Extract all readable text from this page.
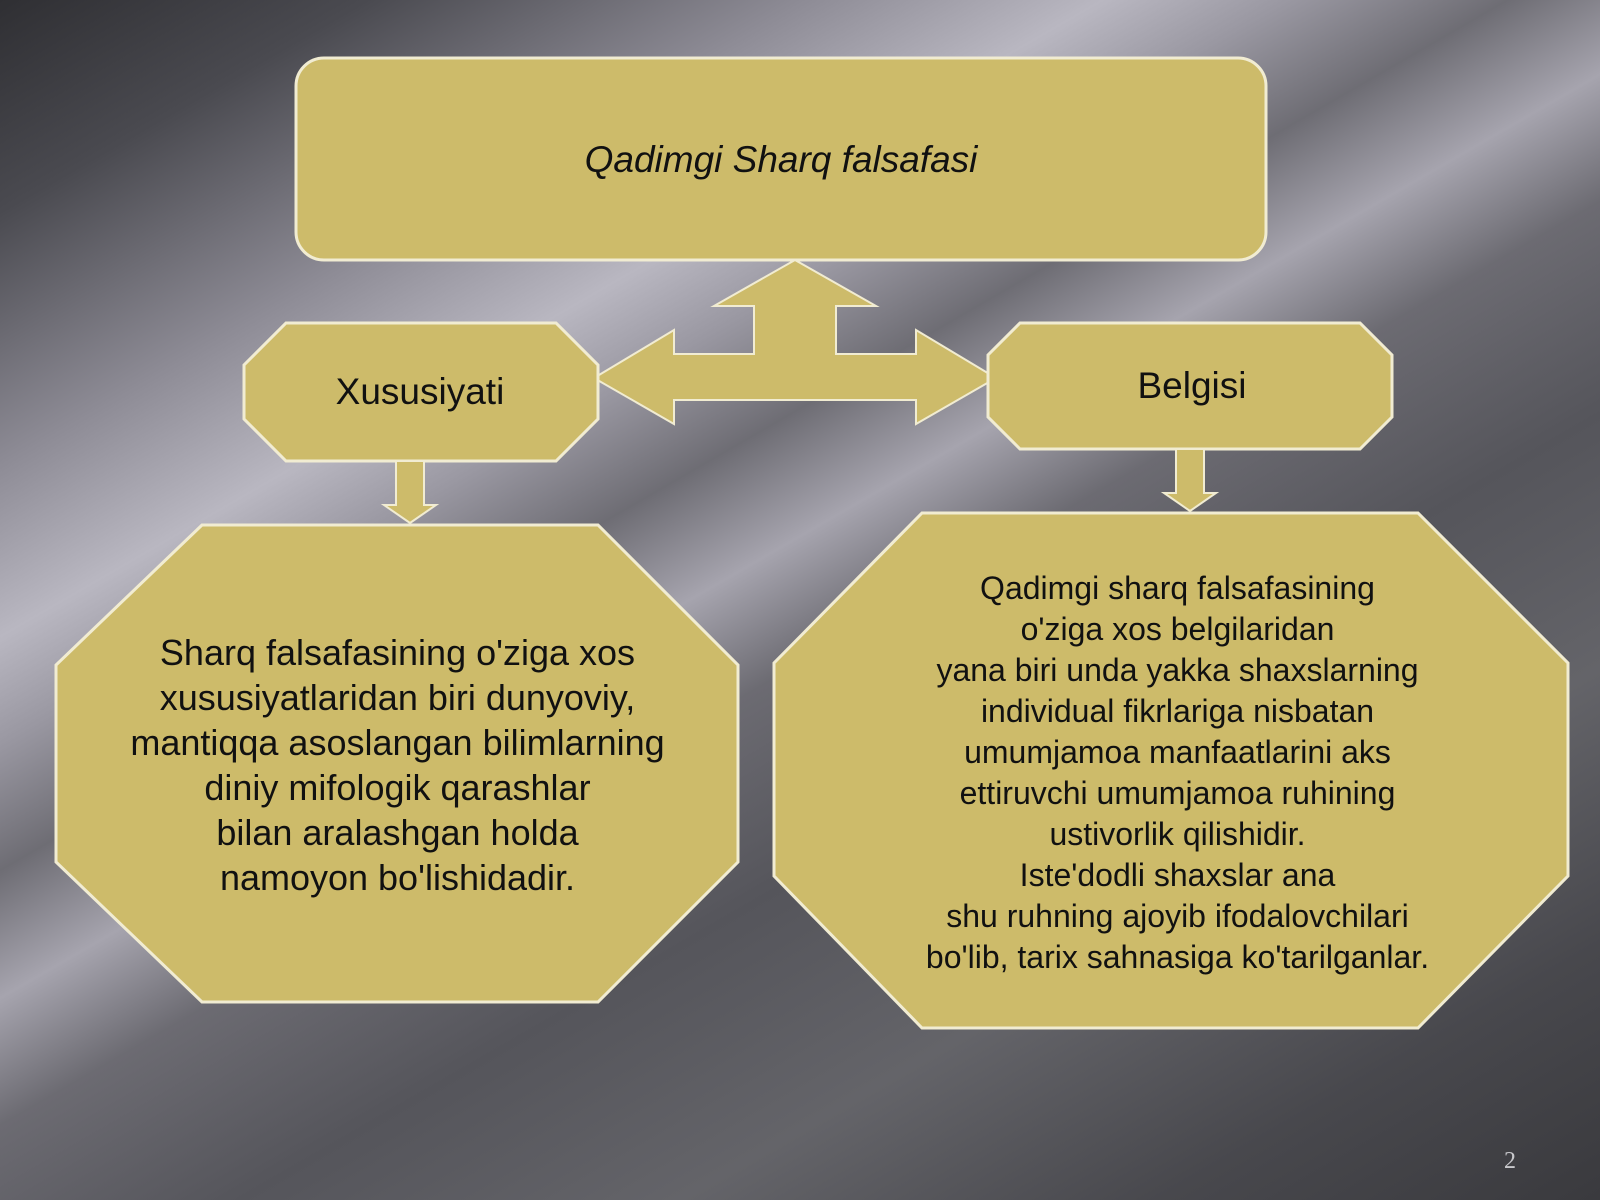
Qadimgi Sharq falsafasi
Xususiyati	Belgisi
Sharq falsafasining o'ziga xos
xususiyatlaridan biri dunyoviy,
mantiqqa asoslangan bilimlarning
diniy mifologik qarashlar
bilan aralashgan holda
namoyon bo'lishidadir.
Qadimgi sharq falsafasining
o'ziga xos belgilaridan
yana biri unda yakka shaxslarning
individual fikrlariga nisbatan
umumjamoa manfaatlarini aks
ettiruvchi umumjamoa ruhining
ustivorlik qilishidir.
Iste'dodli shaxslar ana
shu ruhning ajoyib ifodalovchilari
bo'lib, tarix sahnasiga ko'tarilganlar.
2
